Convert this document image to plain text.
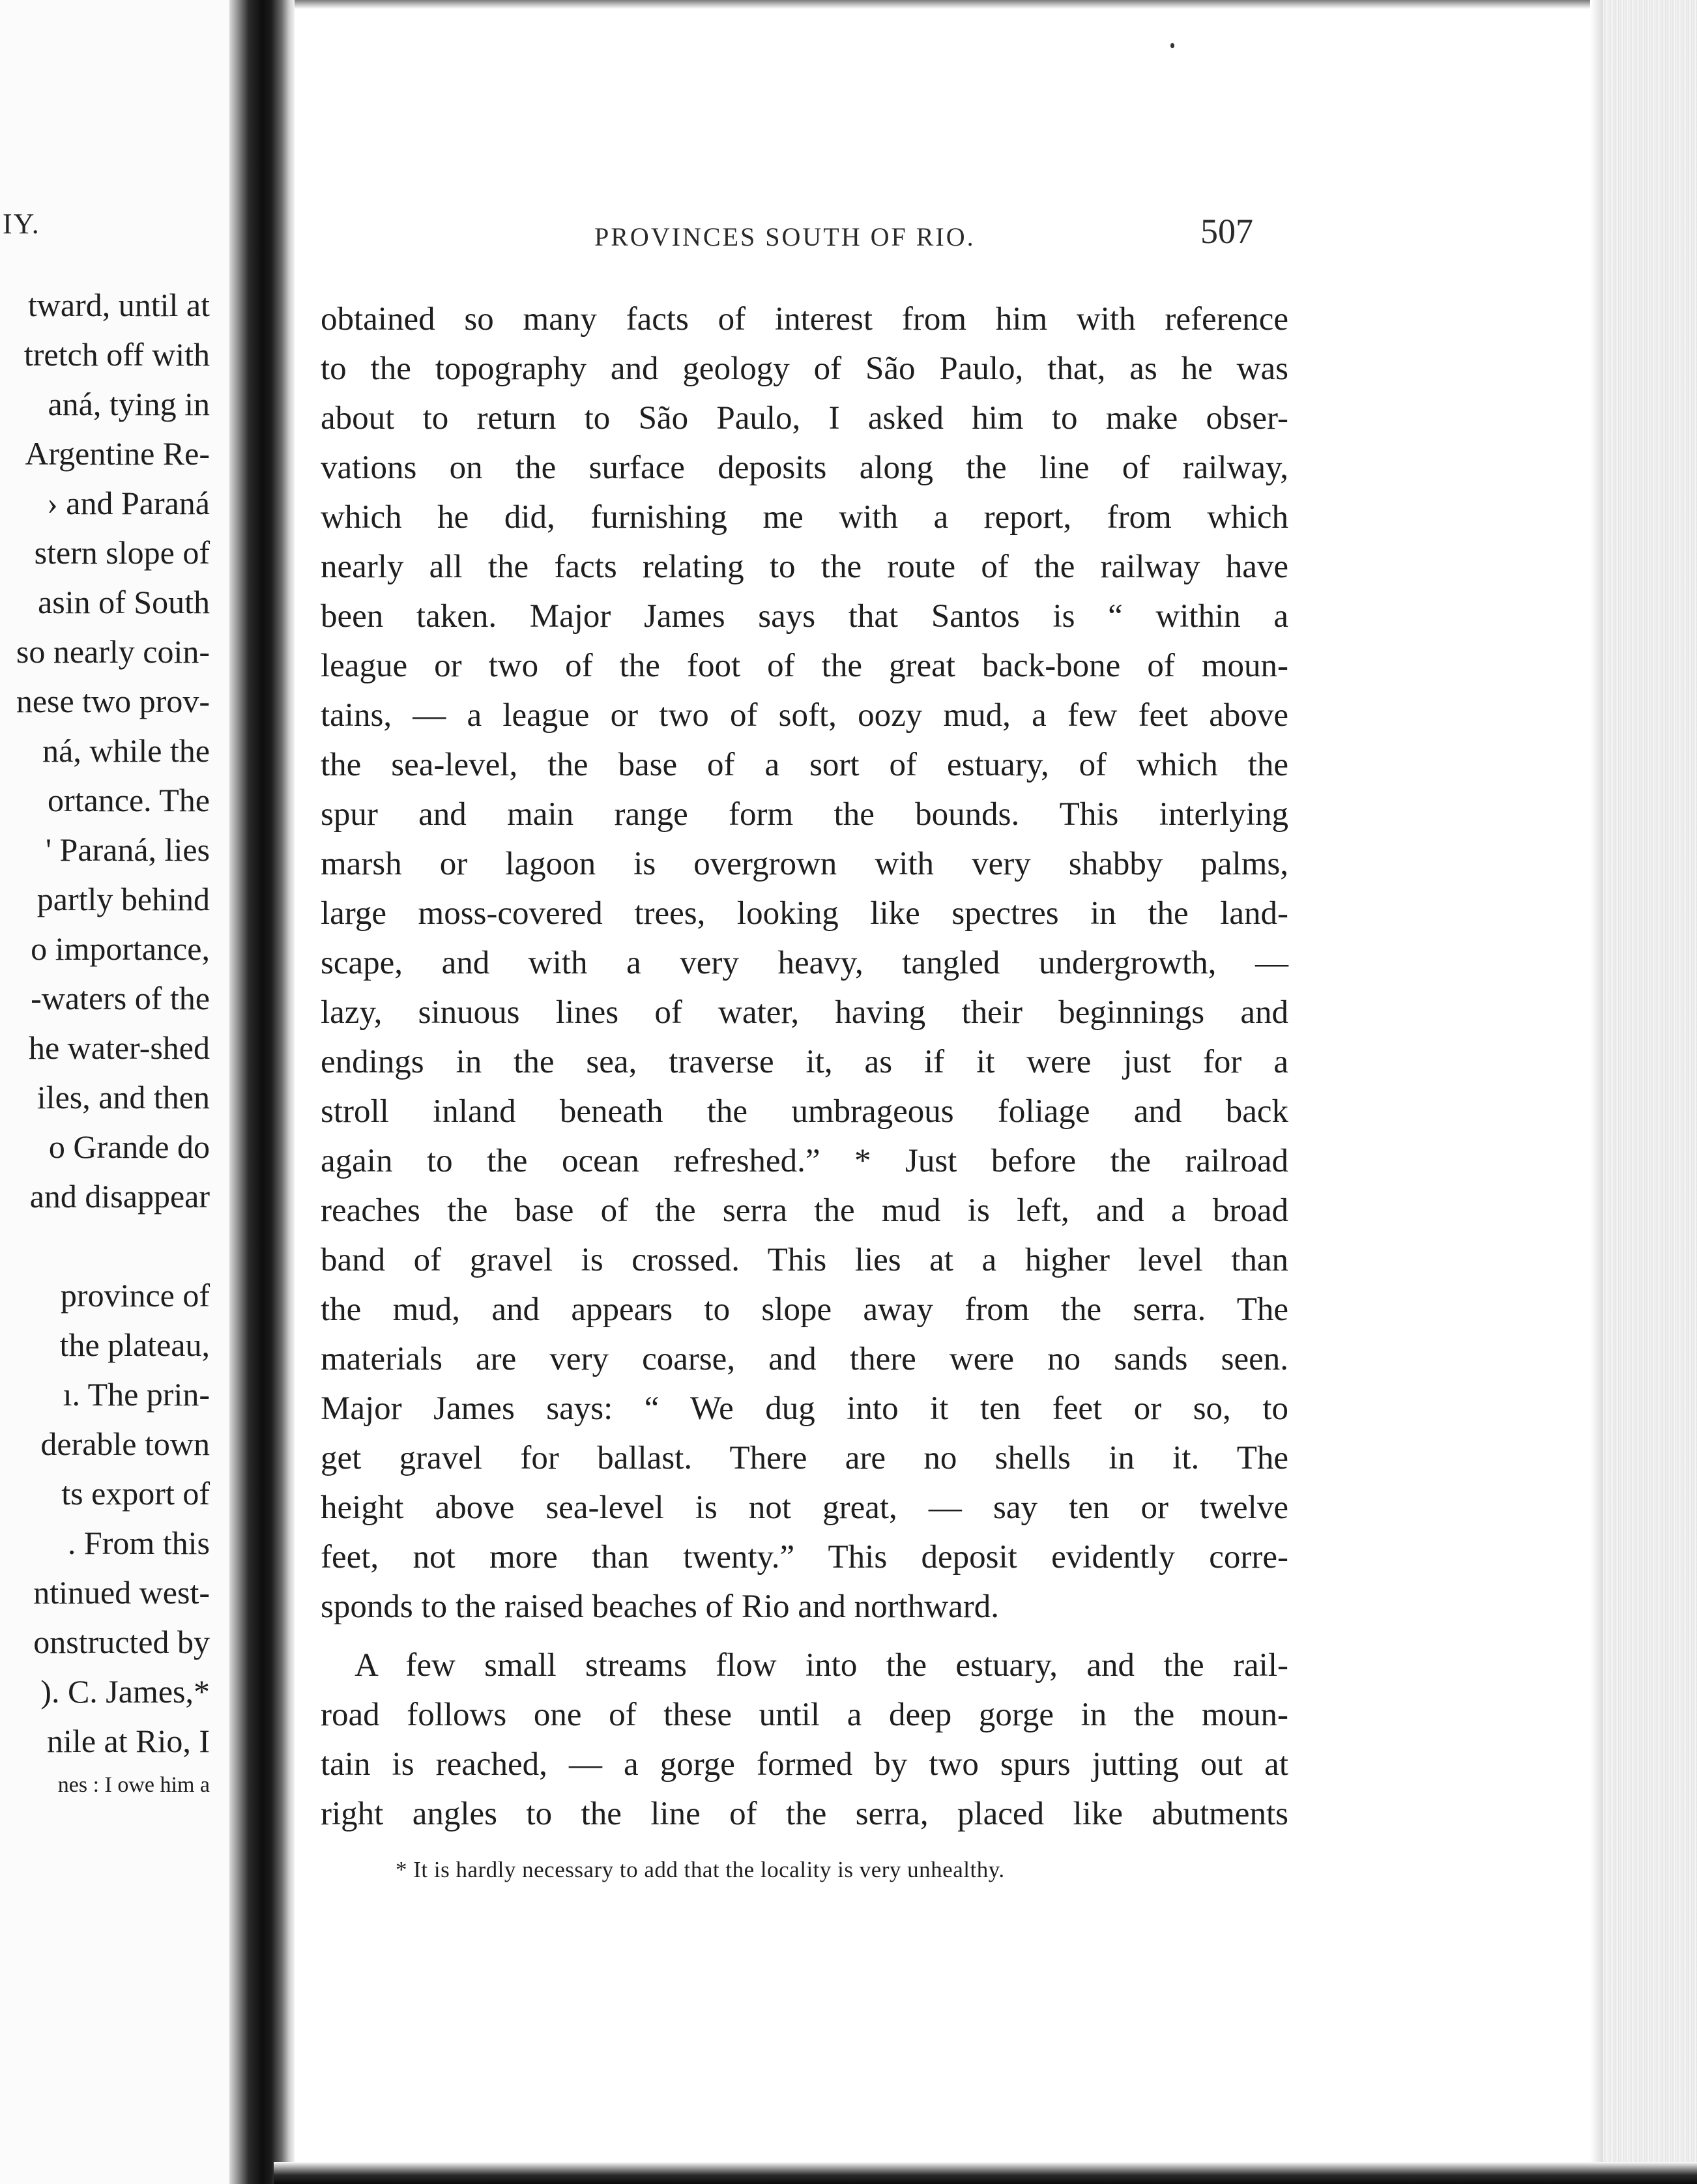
IY.
tward, until at
tretch off with
aná, tying in
Argentine Re-
› and Paraná
stern slope of
asin of South
so nearly coin-
nese two prov-
ná, while the
ortance. The
' Paraná, lies
partly behind
o importance,
-waters of the
he water-shed
iles, and then
o Grande do
and disappear
province of
the plateau,
ı. The prin-
derable town
ts export of
. From this
ntinued west-
onstructed by
). C. James,*
nile at Rio, I
nes : I owe him a
PROVINCES SOUTH OF RIO.	507
obtained so many facts of interest from him with reference
to the topography and geology of São Paulo, that, as he was
about to return to São Paulo, I asked him to make obser-
vations on the surface deposits along the line of railway,
which he did, furnishing me with a report, from which
nearly all the facts relating to the route of the railway have
been taken. Major James says that Santos is “ within a
league or two of the foot of the great back-bone of moun-
tains, — a league or two of soft, oozy mud, a few feet above
the sea-level, the base of a sort of estuary, of which the
spur and main range form the bounds. This interlying
marsh or lagoon is overgrown with very shabby palms,
large moss-covered trees, looking like spectres in the land-
scape, and with a very heavy, tangled undergrowth, —
lazy, sinuous lines of water, having their beginnings and
endings in the sea, traverse it, as if it were just for a
stroll inland beneath the umbrageous foliage and back
again to the ocean refreshed.” * Just before the railroad
reaches the base of the serra the mud is left, and a broad
band of gravel is crossed. This lies at a higher level than
the mud, and appears to slope away from the serra. The
materials are very coarse, and there were no sands seen.
Major James says: “ We dug into it ten feet or so, to
get gravel for ballast. There are no shells in it. The
height above sea-level is not great, — say ten or twelve
feet, not more than twenty.” This deposit evidently corre-
sponds to the raised beaches of Rio and northward.
A few small streams flow into the estuary, and the rail-
road follows one of these until a deep gorge in the moun-
tain is reached, — a gorge formed by two spurs jutting out at
right angles to the line of the serra, placed like abutments
* It is hardly necessary to add that the locality is very unhealthy.
